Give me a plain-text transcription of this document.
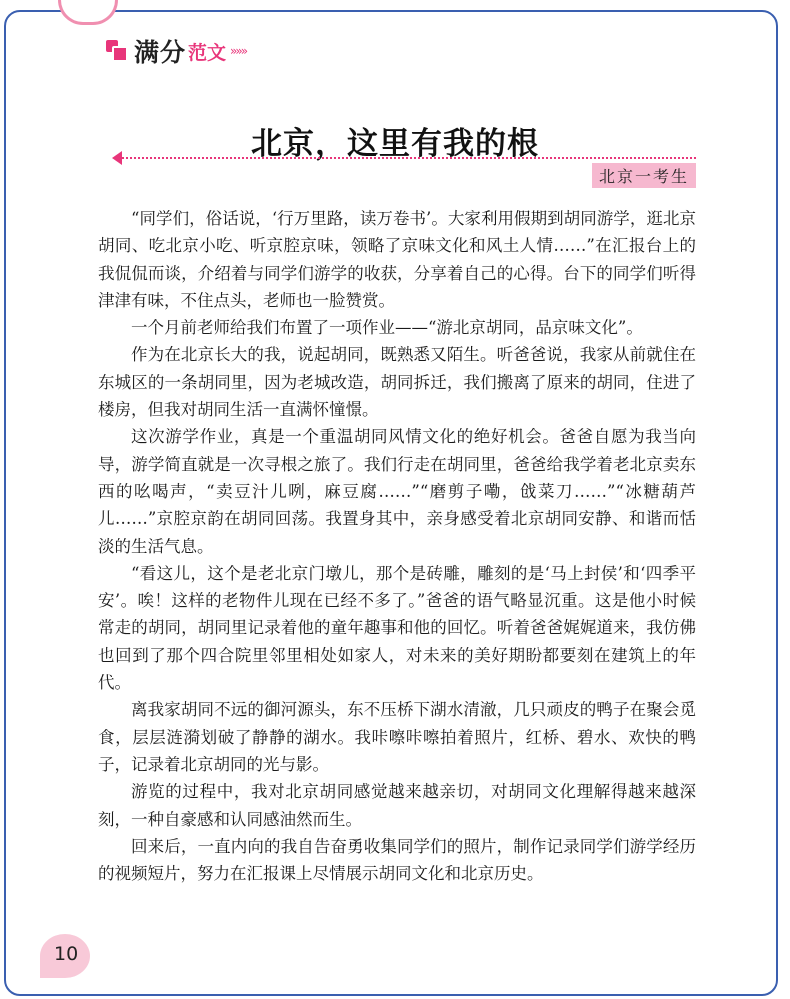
满分 范文 »»»
北京，这里有我的根
北京一考生

“同学们，俗话说，‘行万里路，读万卷书’。大家利用假期到胡同游学，逛北京胡同、吃北京小吃、听京腔京味，领略了京味文化和风土人情……”在汇报台上的我侃侃而谈，介绍着与同学们游学的收获，分享着自己的心得。台下的同学们听得津津有味，不住点头，老师也一脸赞赏。

一个月前老师给我们布置了一项作业——“游北京胡同，品京味文化”。

作为在北京长大的我，说起胡同，既熟悉又陌生。听爸爸说，我家从前就住在东城区的一条胡同里，因为老城改造，胡同拆迁，我们搬离了原来的胡同，住进了楼房，但我对胡同生活一直满怀憧憬。

这次游学作业，真是一个重温胡同风情文化的绝好机会。爸爸自愿为我当向导，游学简直就是一次寻根之旅了。我们行走在胡同里，爸爸给我学着老北京卖东西的吆喝声，“卖豆汁儿咧，麻豆腐……”“磨剪子嘞，戗菜刀……”“冰糖葫芦儿……”京腔京韵在胡同回荡。我置身其中，亲身感受着北京胡同安静、和谐而恬淡的生活气息。

“看这儿，这个是老北京门墩儿，那个是砖雕，雕刻的是‘马上封侯’和‘四季平安’。唉！这样的老物件儿现在已经不多了。”爸爸的语气略显沉重。这是他小时候常走的胡同，胡同里记录着他的童年趣事和他的回忆。听着爸爸娓娓道来，我仿佛也回到了那个四合院里邻里相处如家人，对未来的美好期盼都要刻在建筑上的年代。

离我家胡同不远的御河源头，东不压桥下湖水清澈，几只顽皮的鸭子在聚会觅食，层层涟漪划破了静静的湖水。我咔嚓咔嚓拍着照片，红桥、碧水、欢快的鸭子，记录着北京胡同的光与影。

游览的过程中，我对北京胡同感觉越来越亲切，对胡同文化理解得越来越深刻，一种自豪感和认同感油然而生。

回来后，一直内向的我自告奋勇收集同学们的照片，制作记录同学们游学经历的视频短片，努力在汇报课上尽情展示胡同文化和北京历史。

10
